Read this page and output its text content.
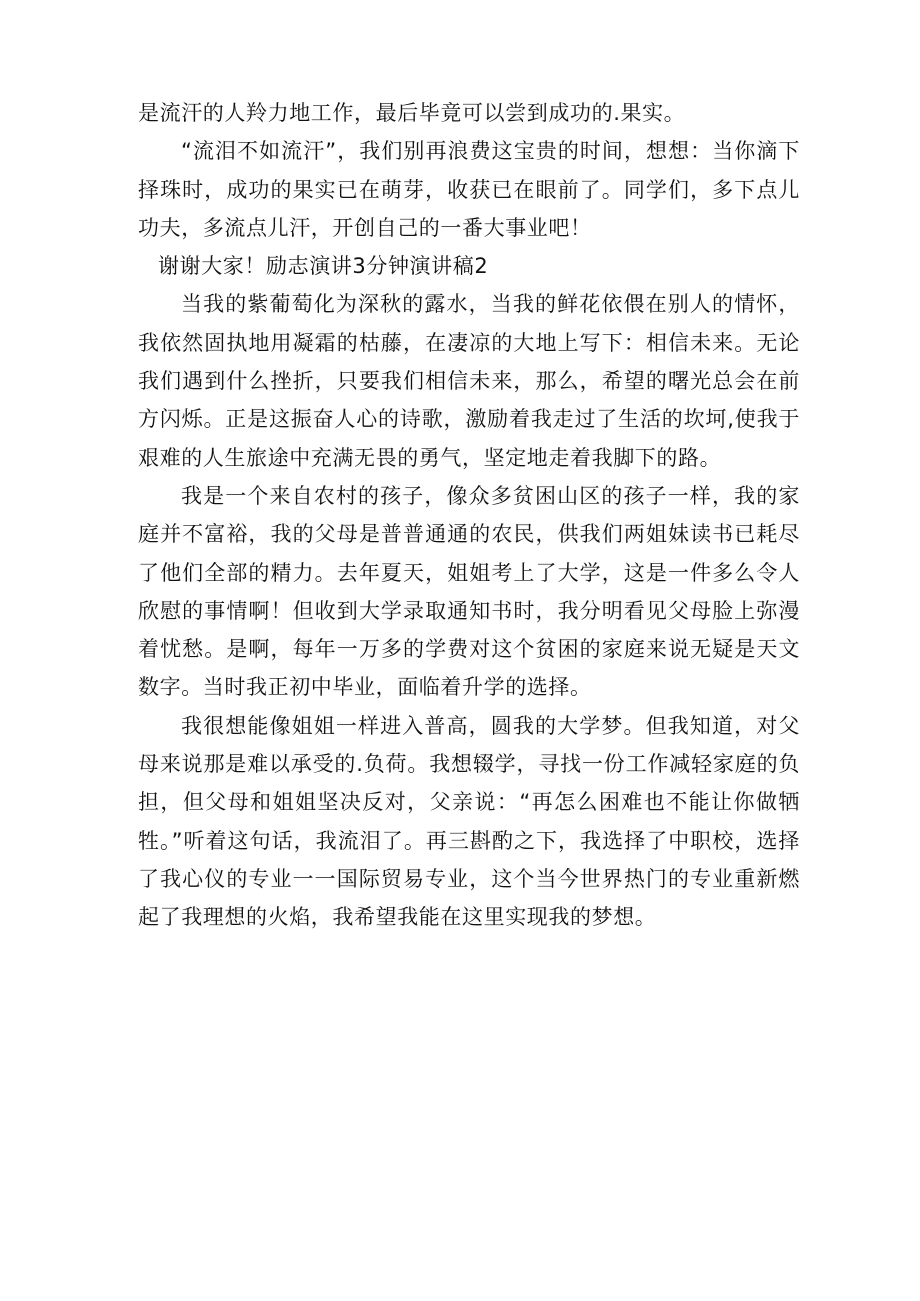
是流汗的人羚力地工作，最后毕竟可以尝到成功的.果实。

“流泪不如流汗”，我们别再浪费这宝贵的时间，想想：当你滴下择珠时，成功的果实已在萌芽，收获已在眼前了。同学们，多下点儿功夫，多流点儿汗，开创自己的一番大事业吧！

谢谢大家！励志演讲3分钟演讲稿2

当我的紫葡萄化为深秋的露水，当我的鲜花依偎在别人的情怀，我依然固执地用凝霜的枯藤，在凄凉的大地上写下：相信未来。无论我们遇到什么挫折，只要我们相信未来，那么，希望的曙光总会在前方闪烁。正是这振奋人心的诗歌，激励着我走过了生活的坎坷,使我于艰难的人生旅途中充满无畏的勇气，坚定地走着我脚下的路。

我是一个来自农村的孩子，像众多贫困山区的孩子一样，我的家庭并不富裕，我的父母是普普通通的农民，供我们两姐妹读书已耗尽了他们全部的精力。去年夏天，姐姐考上了大学，这是一件多么令人欣慰的事情啊！但收到大学录取通知书时，我分明看见父母脸上弥漫着忧愁。是啊，每年一万多的学费对这个贫困的家庭来说无疑是天文数字。当时我正初中毕业，面临着升学的选择。

我很想能像姐姐一样进入普高，圆我的大学梦。但我知道，对父母来说那是难以承受的.负荷。我想辍学，寻找一份工作减轻家庭的负担，但父母和姐姐坚决反对，父亲说：“再怎么困难也不能让你做牺牲。”听着这句话，我流泪了。再三斟酌之下，我选择了中职校，选择了我心仪的专业一一国际贸易专业，这个当今世界热门的专业重新燃起了我理想的火焰，我希望我能在这里实现我的梦想。
